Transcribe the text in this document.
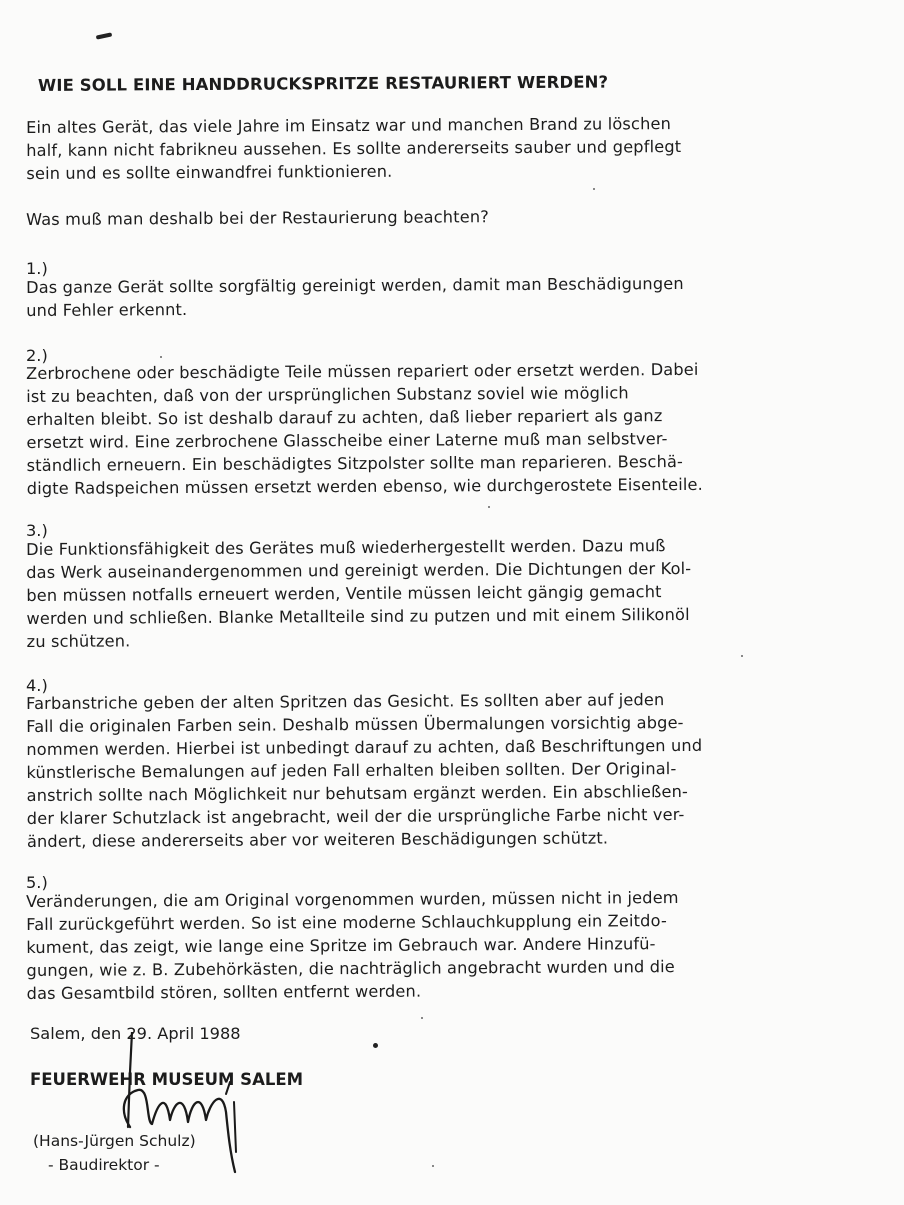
WIE SOLL EINE HANDDRUCKSPRITZE RESTAURIERT WERDEN?

Ein altes Gerät, das viele Jahre im Einsatz war und manchen Brand zu löschen
half, kann nicht fabrikneu aussehen. Es sollte andererseits sauber und gepflegt
sein und es sollte einwandfrei funktionieren.

Was muß man deshalb bei der Restaurierung beachten?

1.)

Das ganze Gerät sollte sorgfältig gereinigt werden, damit man Beschädigungen
und Fehler erkennt.

2.)

Zerbrochene oder beschädigte Teile müssen repariert oder ersetzt werden. Dabei
ist zu beachten, daß von der ursprünglichen Substanz soviel wie möglich
erhalten bleibt. So ist deshalb darauf zu achten, daß lieber repariert als ganz
ersetzt wird. Eine zerbrochene Glasscheibe einer Laterne muß man selbstver-
ständlich erneuern. Ein beschädigtes Sitzpolster sollte man reparieren. Beschä-
digte Radspeichen müssen ersetzt werden ebenso, wie durchgerostete Eisenteile.

3.)

Die Funktionsfähigkeit des Gerätes muß wiederhergestellt werden. Dazu muß
das Werk auseinandergenommen und gereinigt werden. Die Dichtungen der Kol-
ben müssen notfalls erneuert werden, Ventile müssen leicht gängig gemacht
werden und schließen. Blanke Metallteile sind zu putzen und mit einem Silikonöl
zu schützen.

4.)

Farbanstriche geben der alten Spritzen das Gesicht. Es sollten aber auf jeden
Fall die originalen Farben sein. Deshalb müssen Übermalungen vorsichtig abge-
nommen werden. Hierbei ist unbedingt darauf zu achten, daß Beschriftungen und
künstlerische Bemalungen auf jeden Fall erhalten bleiben sollten. Der Original-
anstrich sollte nach Möglichkeit nur behutsam ergänzt werden. Ein abschließen-
der klarer Schutzlack ist angebracht, weil der die ursprüngliche Farbe nicht ver-
ändert, diese andererseits aber vor weiteren Beschädigungen schützt.

5.)

Veränderungen, die am Original vorgenommen wurden, müssen nicht in jedem
Fall zurückgeführt werden. So ist eine moderne Schlauchkupplung ein Zeitdo-
kument, das zeigt, wie lange eine Spritze im Gebrauch war. Andere Hinzufü-
gungen, wie z. B. Zubehörkästen, die nachträglich angebracht wurden und die
das Gesamtbild stören, sollten entfernt werden.

Salem, den 29. April 1988

FEUERWEHR MUSEUM SALEM

(Hans-Jürgen Schulz)

- Baudirektor -
